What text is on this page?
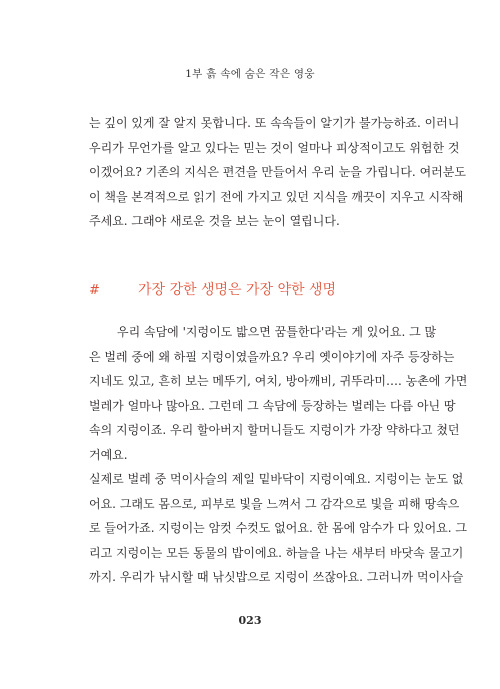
1부 흙 속에 숨은 작은 영웅
는 깊이 있게 잘 알지 못합니다. 또 속속들이 알기가 불가능하죠. 이러니
우리가 무언가를 알고 있다는 믿는 것이 얼마나 피상적이고도 위험한 것
이겠어요? 기존의 지식은 편견을 만들어서 우리 눈을 가립니다. 여러분도
이 책을 본격적으로 읽기 전에 가지고 있던 지식을 깨끗이 지우고 시작해
주세요. 그래야 새로운 것을 보는 눈이 열립니다.
#	가장 강한 생명은 가장 약한 생명
우리 속담에 '지렁이도 밟으면 꿈틀한다'라는 게 있어요. 그 많
은 벌레 중에 왜 하필 지렁이였을까요? 우리 옛이야기에 자주 등장하는
지네도 있고, 흔히 보는 메뚜기, 여치, 방아깨비, 귀뚜라미…. 농촌에 가면
벌레가 얼마나 많아요. 그런데 그 속담에 등장하는 벌레는 다름 아닌 땅
속의 지렁이죠. 우리 할아버지 할머니들도 지렁이가 가장 약하다고 쳤던
거예요.
실제로 벌레 중 먹이사슬의 제일 밑바닥이 지렁이예요. 지렁이는 눈도 없
어요. 그래도 몸으로, 피부로 빛을 느껴서 그 감각으로 빛을 피해 땅속으
로 들어가죠. 지렁이는 암컷 수컷도 없어요. 한 몸에 암수가 다 있어요. 그
리고 지렁이는 모든 동물의 밥이에요. 하늘을 나는 새부터 바닷속 물고기
까지. 우리가 낚시할 때 낚싯밥으로 지렁이 쓰잖아요. 그러니까 먹이사슬
023
